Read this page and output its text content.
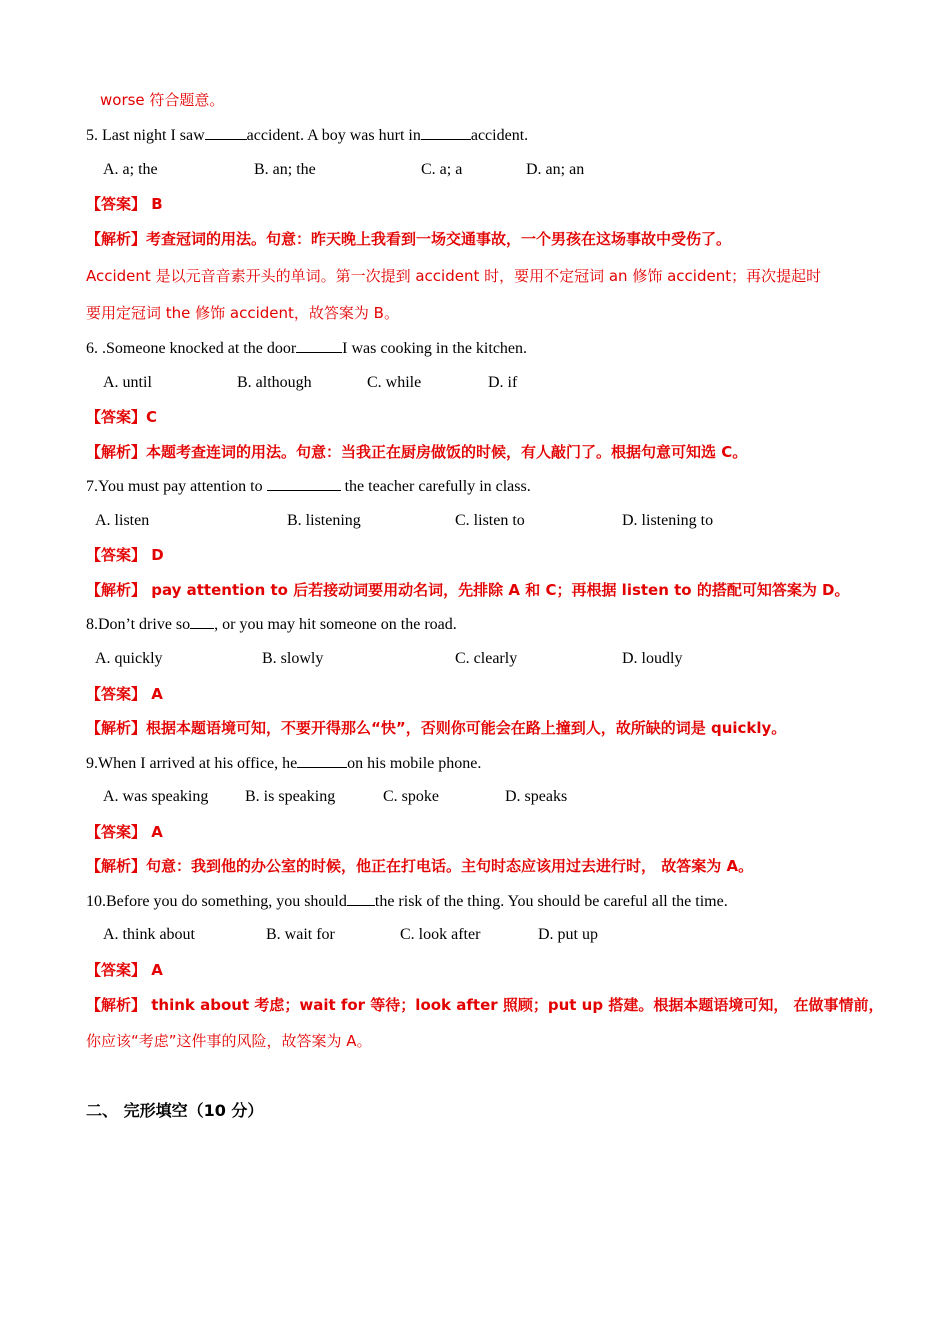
worse 符合题意。
5. Last night I saw	accident. A boy was hurt in	accident.
A. a; the	B. an; the	C. a; a	D. an; an
【答案】 B
【解析】考查冠词的用法。句意：昨天晚上我看到一场交通事故，一个男孩在这场事故中受伤了。
Accident 是以元音音素开头的单词。第一次提到 accident 时，要用不定冠词 an 修饰 accident；再次提起时
要用定冠词 the 修饰 accident，故答案为 B。
6. .Someone knocked at the door	I was cooking in the kitchen.
A. until	B. although	C. while	D. if
【答案】C
【解析】本题考查连词的用法。句意：当我正在厨房做饭的时候，有人敲门了。根据句意可知选 C。
7.You must pay attention to	the teacher carefully in class.
A. listen	B. listening	C. listen to	D. listening to
【答案】 D
【解析】 pay attention to 后若接动词要用动名词，先排除 A 和 C；再根据 listen to 的搭配可知答案为 D。
8.Don’t drive so , or you may hit someone on the road.
A. quickly	B. slowly	C. clearly	D. loudly
【答案】 A
【解析】根据本题语境可知，不要开得那么“快”，否则你可能会在路上撞到人，故所缺的词是 quickly。
9.When I arrived at his office, he	on his mobile phone.
A. was speaking B. is speaking	C. spoke	D. speaks
【答案】 A
【解析】句意：我到他的办公室的时候，他正在打电话。主句时态应该用过去进行时， 故答案为 A。
10.Before you do something, you should the risk of the thing. You should be careful all the time.
A. think about	B. wait for	C. look after	D. put up
【答案】 A
【解析】 think about 考虑；wait for 等待；look after 照顾；put up 搭建。根据本题语境可知， 在做事情前，
你应该“考虑”这件事的风险，故答案为 A。
二、 完形填空（10 分）
